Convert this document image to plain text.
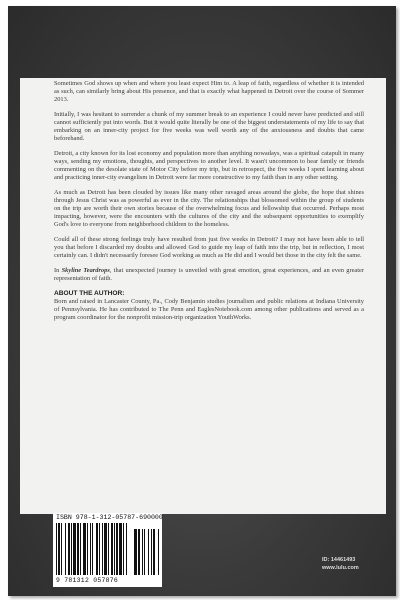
Sometimes God shows up when and where you least expect Him to. A leap of faith, regardless of whether it is intended as such, can similarly bring about His presence, and that is exactly what happened in Detroit over the course of Sommer 2013.

Initially, I was hesitant to surrender a chunk of my summer break to an experience I could never have predicted and still cannot sufficiently put into words. But it would quite literally be one of the biggest understatements of my life to say that embarking on an inner-city project for five weeks was well worth any of the anxiousness and doubts that came beforehand.

Detroit, a city known for its lost economy and population more than anything nowadays, was a spiritual catapult in many ways, sending my emotions, thoughts, and perspectives to another level. It wasn't uncommon to hear family or friends commenting on the desolate state of Motor City before my trip, but in retrospect, the five weeks I spent learning about and practicing inner-city evangelism in Detroit were far more constructive to my faith than in any other setting.

As much as Detroit has been clouded by issues like many other ravaged areas around the globe, the hope that shines through Jesus Christ was as powerful as ever in the city. The relationships that blossomed within the group of students on the trip are worth their own stories because of the overwhelming focus and fellowship that occurred. Perhaps most impacting, however, were the encounters with the cultures of the city and the subsequent opportunities to exemplify God's love to everyone from neighborhood children to the homeless.

Could all of these strong feelings truly have resulted from just five weeks in Detroit? I may not have been able to tell you that before I discarded my doubts and allowed God to guide my leap of faith into the trip, but in reflection, I most certainly can. I didn't necessarily foresee God working as much as He did and I would bet those in the city felt the same.

In Skyline Teardrops, that unexpected journey is unveiled with great emotion, great experiences, and an even greater representation of faith.

ABOUT THE AUTHOR:

Born and raised in Lancaster County, Pa., Cody Benjamin studies journalism and public relations at Indiana University of Pennsylvania. He has contributed to The Penn and EaglesNotebook.com among other publications and served as a program coordinator for the nonprofit mission-trip organization YouthWorks.

ISBN 978-1-312-05787-6 90000
9 781312 057876
ID: 14461493
www.lulu.com
